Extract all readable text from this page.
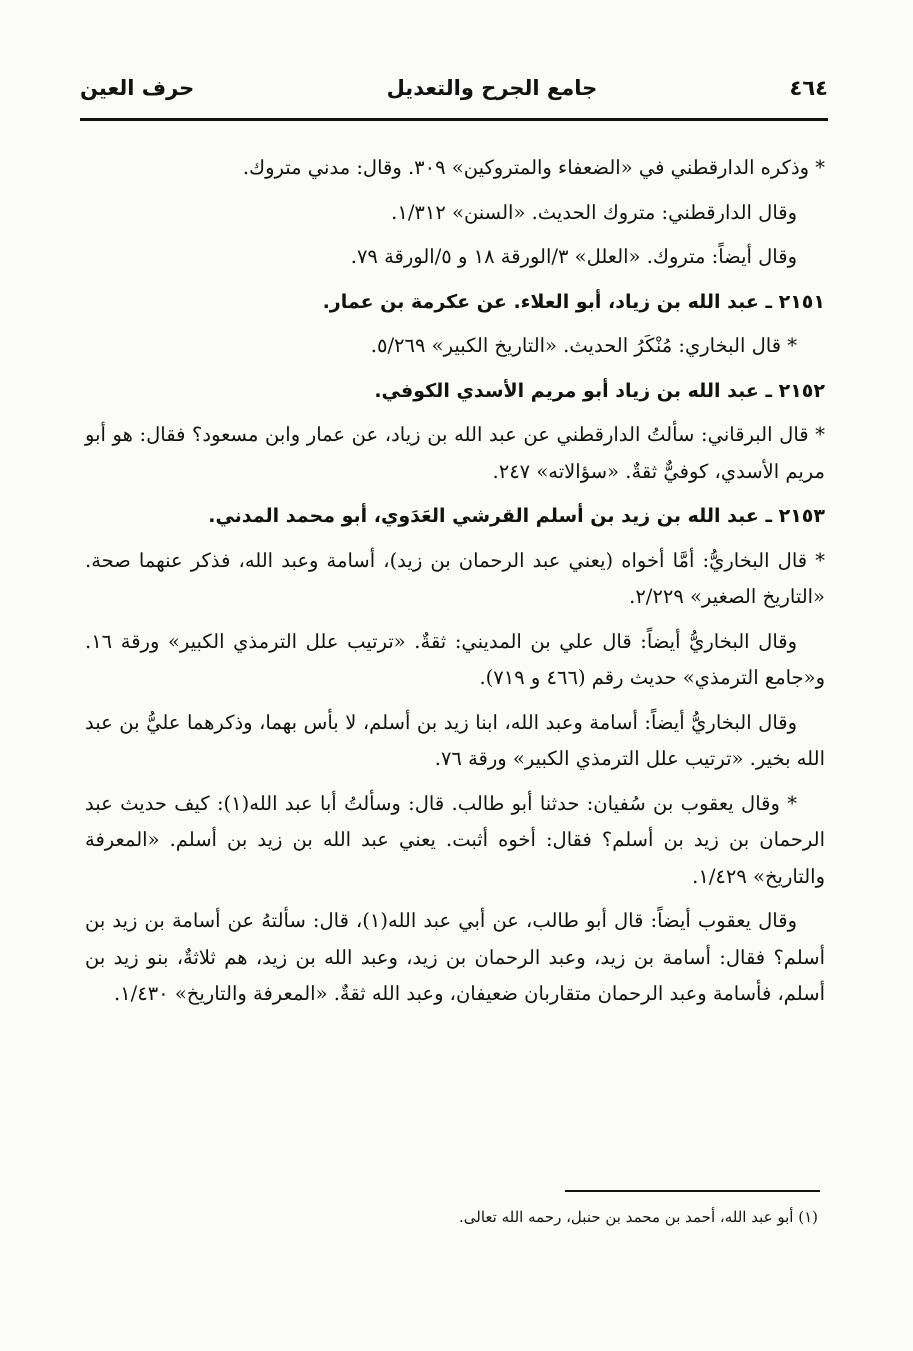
٤٦٤
جامع الجرح والتعديل
حرف العين

* وذكره الدارقطني في «الضعفاء والمتروكين» ٣٠٩. وقال: مدني متروك.

وقال الدارقطني: متروك الحديث. «السنن» ١/٣١٢.

وقال أيضاً: متروك. «العلل» ٣/الورقة ١٨ و ٥/الورقة ٧٩.

٢١٥١ ـ عبد الله بن زياد، أبو العلاء. عن عكرمة بن عمار.

* قال البخاري: مُنْكَرُ الحديث. «التاريخ الكبير» ٥/٢٦٩.

٢١٥٢ ـ عبد الله بن زياد أبو مريم الأسدي الكوفي.

* قال البرقاني: سألتُ الدارقطني عن عبد الله بن زياد، عن عمار وابن مسعود؟ فقال: هو أبو مريم الأسدي، كوفيٌّ ثقةٌ. «سؤالاته» ٢٤٧.

٢١٥٣ ـ عبد الله بن زيد بن أسلم القرشي العَدَوي، أبو محمد المدني.

* قال البخاريُّ: أمَّا أخواه (يعني عبد الرحمان بن زيد)، أسامة وعبد الله، فذكر عنهما صحة. «التاريخ الصغير» ٢/٢٢٩.

وقال البخاريُّ أيضاً: قال علي بن المديني: ثقةٌ. «ترتيب علل الترمذي الكبير» ورقة ١٦. و«جامع الترمذي» حديث رقم (٤٦٦ و ٧١٩).

وقال البخاريُّ أيضاً: أسامة وعبد الله، ابنا زيد بن أسلم، لا بأس بهما، وذكرهما عليُّ بن عبد الله بخير. «ترتيب علل الترمذي الكبير» ورقة ٧٦.

* وقال يعقوب بن سُفيان: حدثنا أبو طالب. قال: وسألتُ أبا عبد الله(١): كيف حديث عبد الرحمان بن زيد بن أسلم؟ فقال: أخوه أثبت. يعني عبد الله بن زيد بن أسلم. «المعرفة والتاريخ» ١/٤٢٩.

وقال يعقوب أيضاً: قال أبو طالب، عن أبي عبد الله(١)، قال: سألتهُ عن أسامة بن زيد بن أسلم؟ فقال: أسامة بن زيد، وعبد الرحمان بن زيد، وعبد الله بن زيد، هم ثلاثةٌ، بنو زيد بن أسلم، فأسامة وعبد الرحمان متقاربان ضعيفان، وعبد الله ثقةٌ. «المعرفة والتاريخ» ١/٤٣٠.

(١) أبو عبد الله، أحمد بن محمد بن حنبل، رحمه الله تعالى.
